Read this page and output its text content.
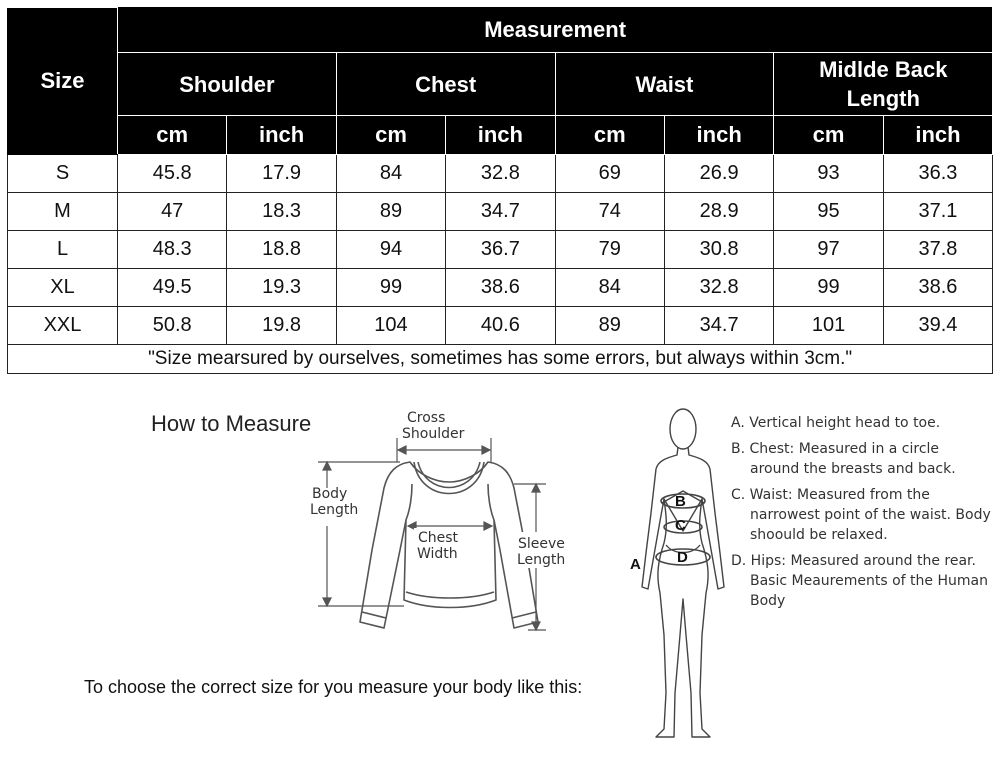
Size	Measurement							
	Shoulder		Chest		Waist		Midlde Back Length	
	cm	inch	cm	inch	cm	inch	cm	inch
S	45.8	17.9	84	32.8	69	26.9	93	36.3
M	47	18.3	89	34.7	74	28.9	95	37.1
L	48.3	18.8	94	36.7	79	30.8	97	37.8
XL	49.5	19.3	99	38.6	84	32.8	99	38.6
XXL	50.8	19.8	104	40.6	89	34.7	101	39.4
"Size mearsured by ourselves, sometimes has some errors, but always within 3cm."								
How to Measure
To choose the correct size for you measure your body like this:
Cross
Shoulder
Body
Length
Chest
Width
Sleeve
Length
B
C
D
A

A. Vertical height head to toe.

B. Chest: Measured in a circle around the breasts and back.

C. Waist: Measured from the narrowest point of the waist. Body shoould be relaxed.

D. Hips: Measured around the rear. Basic Meaurements of the Human Body
